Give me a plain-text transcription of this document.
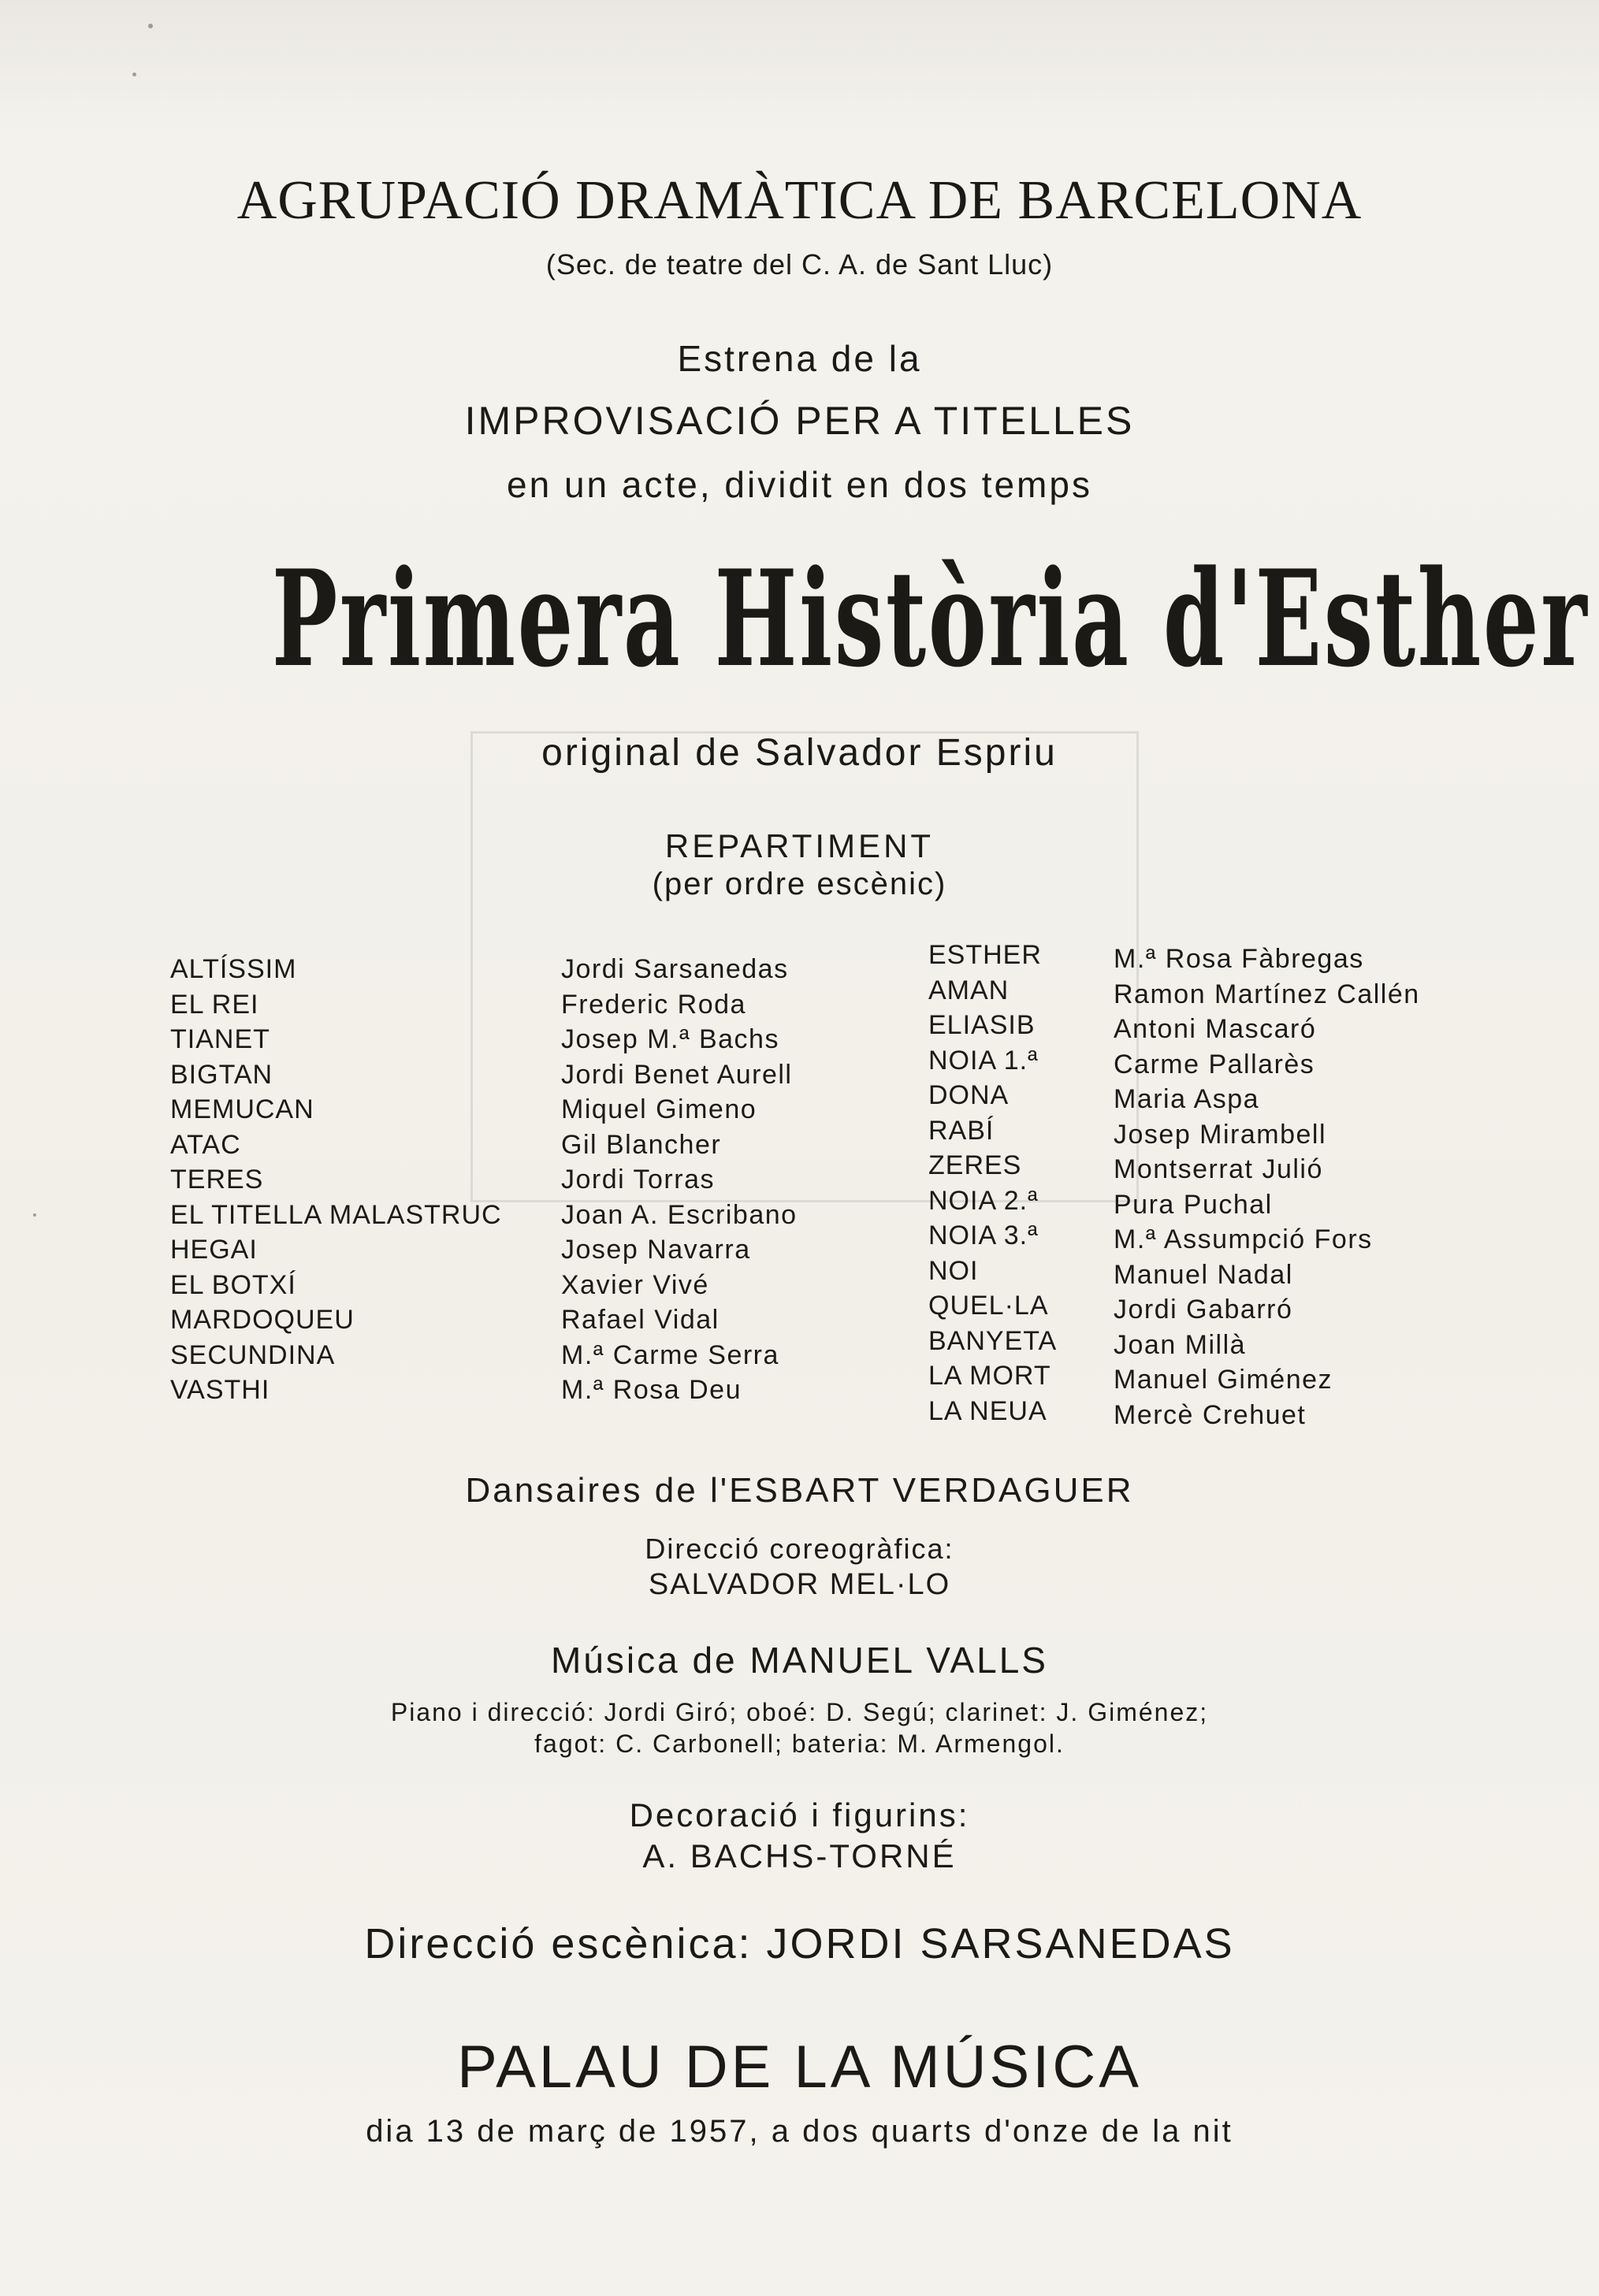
AGRUPACIÓ DRAMÀTICA DE BARCELONA
(Sec. de teatre del C. A. de Sant Lluc)
Estrena de la
IMPROVISACIÓ PER A TITELLES
en un acte, dividit en dos temps
Primera Història d'Esther
original de Salvador Espriu
REPARTIMENT
(per ordre escènic)
ALTÍSSIM
EL REI
TIANET
BIGTAN
MEMUCAN
ATAC
TERES
EL TITELLA MALASTRUC
HEGAI
EL BOTXÍ
MARDOQUEU
SECUNDINA
VASTHI
Jordi Sarsanedas
Frederic Roda
Josep M.ª Bachs
Jordi Benet Aurell
Miquel Gimeno
Gil Blancher
Jordi Torras
Joan A. Escribano
Josep Navarra
Xavier Vivé
Rafael Vidal
M.ª Carme Serra
M.ª Rosa Deu
ESTHER
AMAN
ELIASIB
NOIA 1.ª
DONA
RABÍ
ZERES
NOIA 2.ª
NOIA 3.ª
NOI
QUEL·LA
BANYETA
LA MORT
LA NEUA
M.ª Rosa Fàbregas
Ramon Martínez Callén
Antoni Mascaró
Carme Pallarès
Maria Aspa
Josep Mirambell
Montserrat Julió
Pura Puchal
M.ª Assumpció Fors
Manuel Nadal
Jordi Gabarró
Joan Millà
Manuel Giménez
Mercè Crehuet
Dansaires de l'ESBART VERDAGUER
Direcció coreogràfica:
SALVADOR MEL·LO
Música de MANUEL VALLS
Piano i direcció: Jordi Giró; oboé: D. Segú; clarinet: J. Giménez;
fagot: C. Carbonell; bateria: M. Armengol.
Decoració i figurins:
A. BACHS-TORNÉ
Direcció escènica: JORDI SARSANEDAS
PALAU DE LA MÚSICA
dia 13 de març de 1957, a dos quarts d'onze de la nit
